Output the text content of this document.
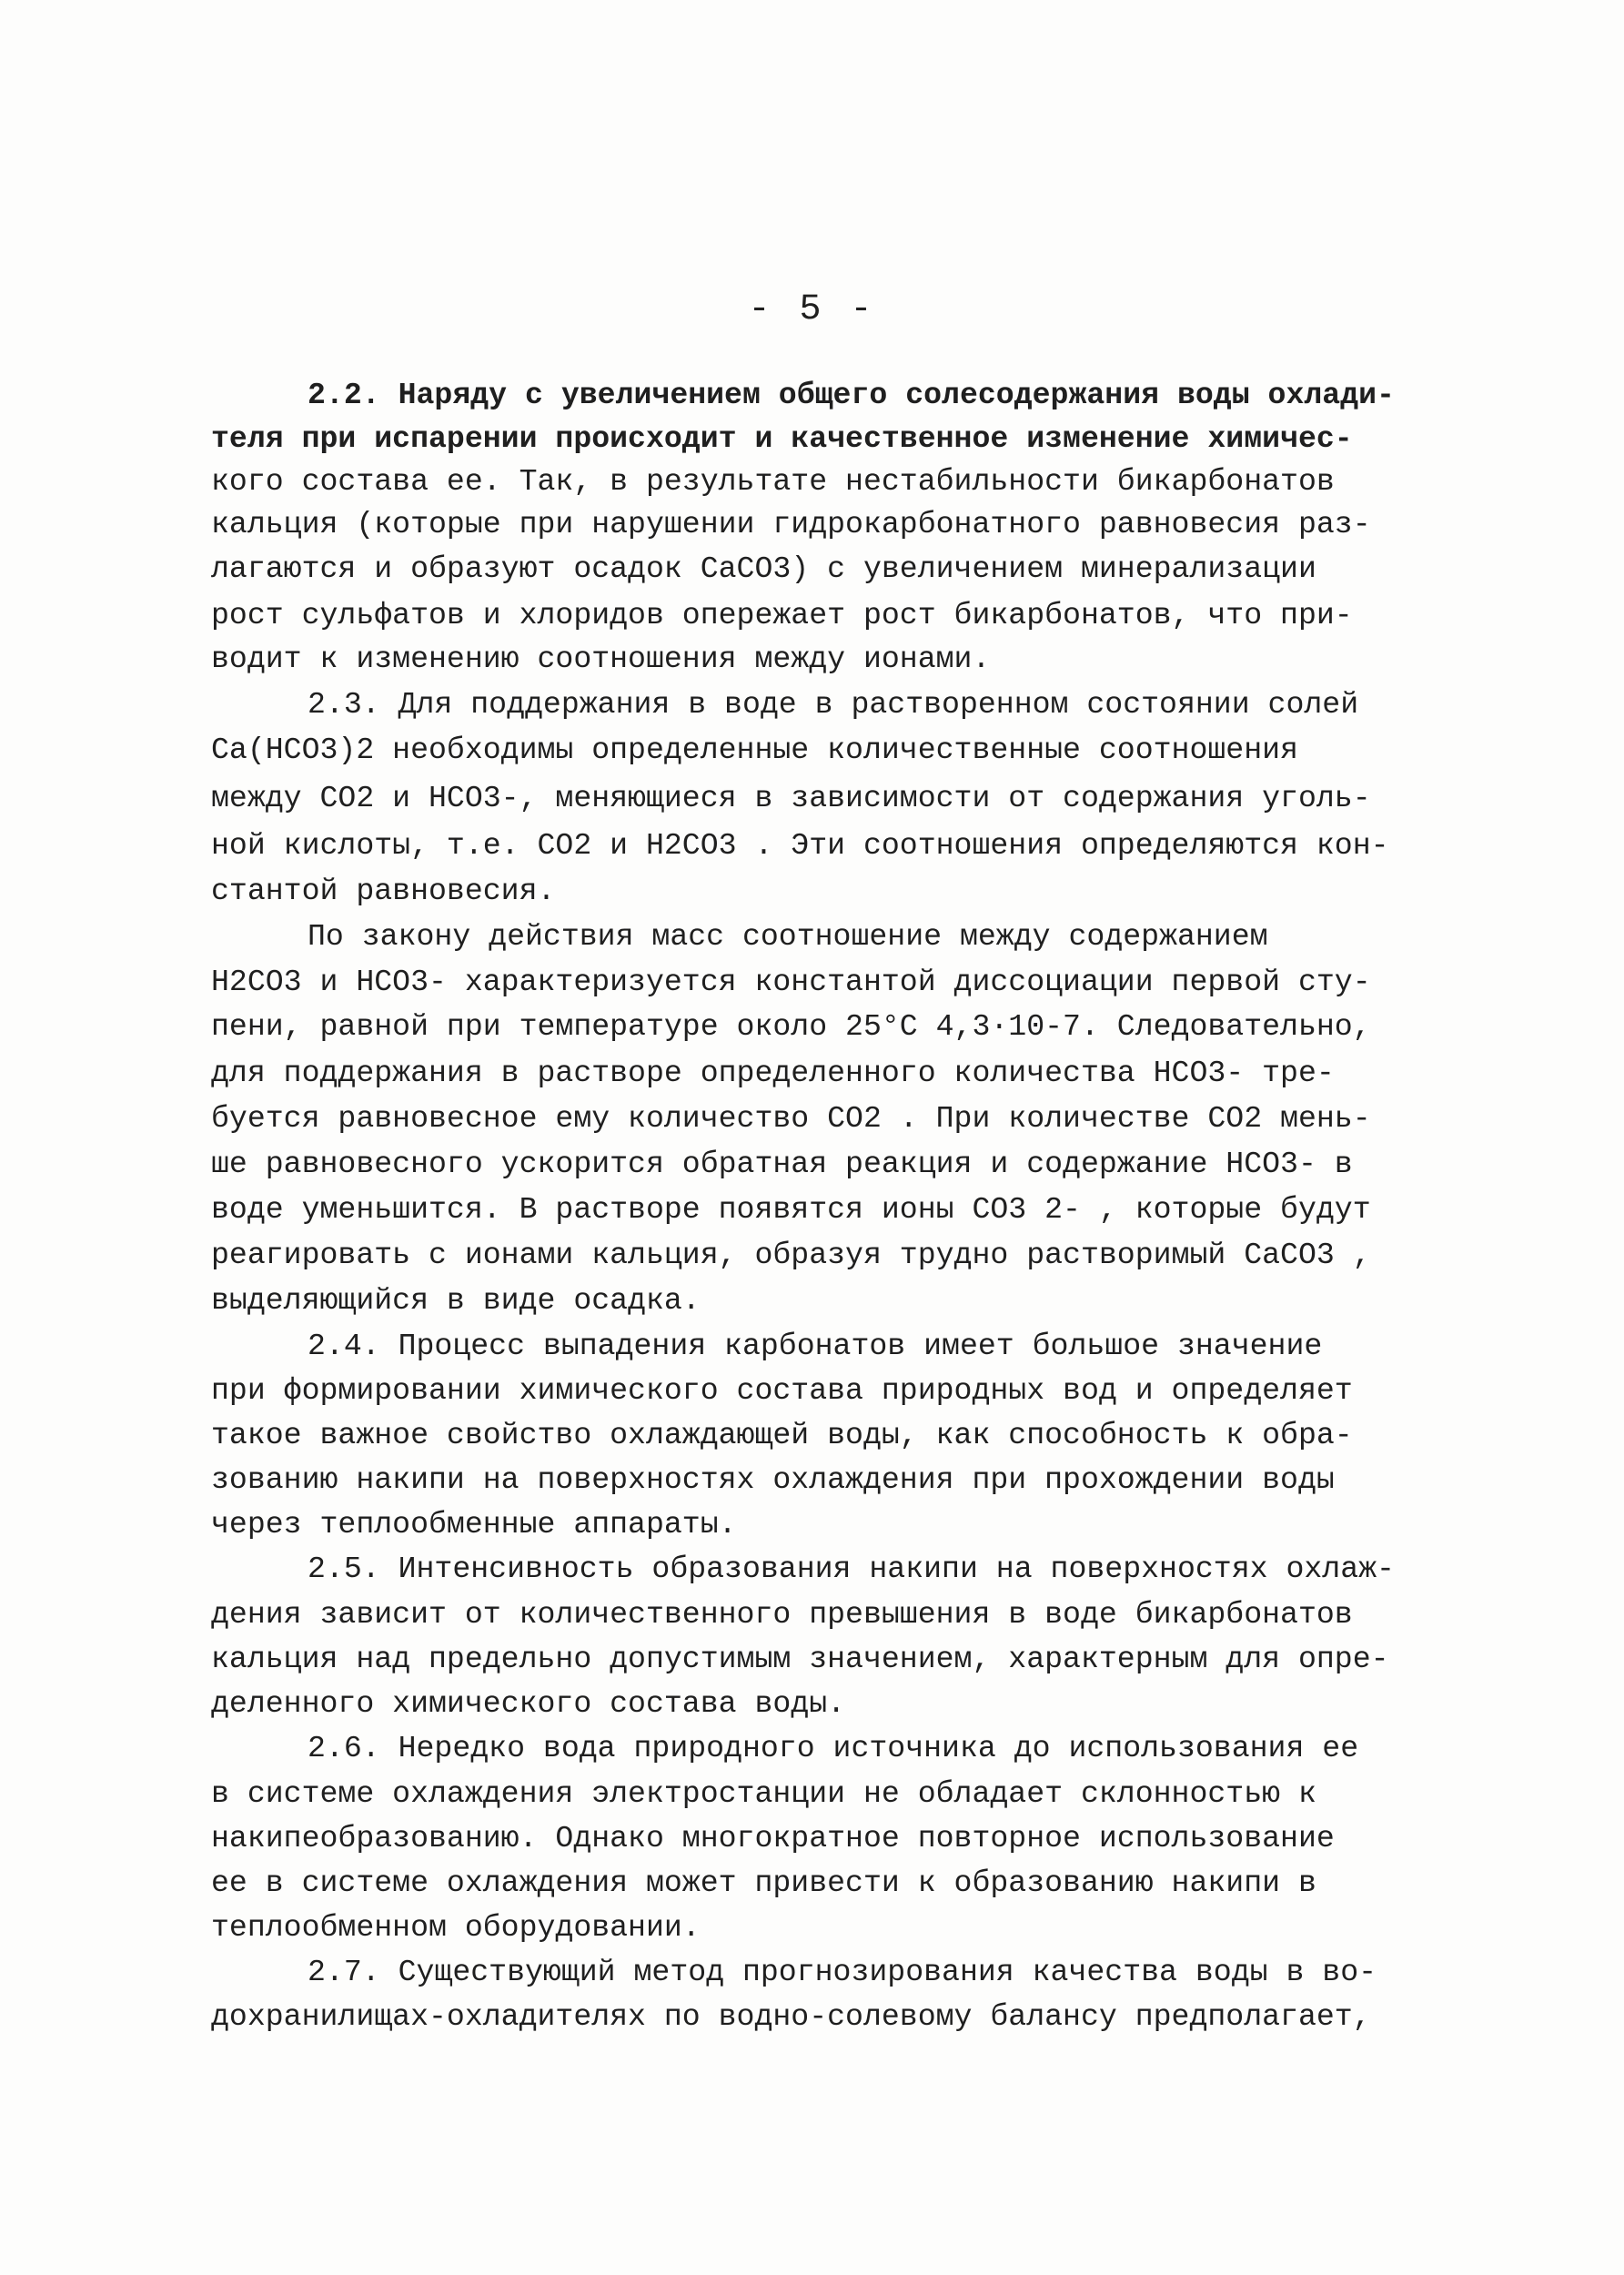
- 5 -
2.2. Наряду с увеличением общего солесодержания воды охлади-
теля при испарении происходит и качественное изменение химичес-
кого состава ее. Так, в результате нестабильности бикарбонатов
кальция (которые при нарушении гидрокарбонатного равновесия раз-
лагаются и образуют осадок CaCO3) с увеличением минерализации
рост сульфатов и хлоридов опережает рост бикарбонатов, что при-
водит к изменению соотношения между ионами.
2.3. Для поддержания в воде в растворенном состоянии солей
Ca(HCO3)2 необходимы определенные количественные соотношения
между CO2 и HCO3-, меняющиеся в зависимости от содержания уголь-
ной кислоты, т.е. CO2 и H2CO3 . Эти соотношения определяются кон-
стантой равновесия.
По закону действия масс соотношение между содержанием
H2CO3 и HCO3- характеризуется константой диссоциации первой сту-
пени, равной при температуре около 25°C 4,3·10-7. Следовательно,
для поддержания в растворе определенного количества HCO3- тре-
буется равновесное ему количество CO2 . При количестве CO2 мень-
ше равновесного ускорится обратная реакция и содержание HCO3- в
воде уменьшится. В растворе появятся ионы CO3 2- , которые будут
реагировать с ионами кальция, образуя трудно растворимый CaCO3 ,
выделяющийся в виде осадка.
2.4. Процесс выпадения карбонатов имеет большое значение
при формировании химического состава природных вод и определяет
такое важное свойство охлаждающей воды, как способность к обра-
зованию накипи на поверхностях охлаждения при прохождении воды
через теплообменные аппараты.
2.5. Интенсивность образования накипи на поверхностях охлаж-
дения зависит от количественного превышения в воде бикарбонатов
кальция над предельно допустимым значением, характерным для опре-
деленного химического состава воды.
2.6. Нередко вода природного источника до использования ее
в системе охлаждения электростанции не обладает склонностью к
накипеобразованию. Однако многократное повторное использование
ее в системе охлаждения может привести к образованию накипи в
теплообменном оборудовании.
2.7. Существующий метод прогнозирования качества воды в во-
дохранилищах-охладителях по водно-солевому балансу предполагает,
